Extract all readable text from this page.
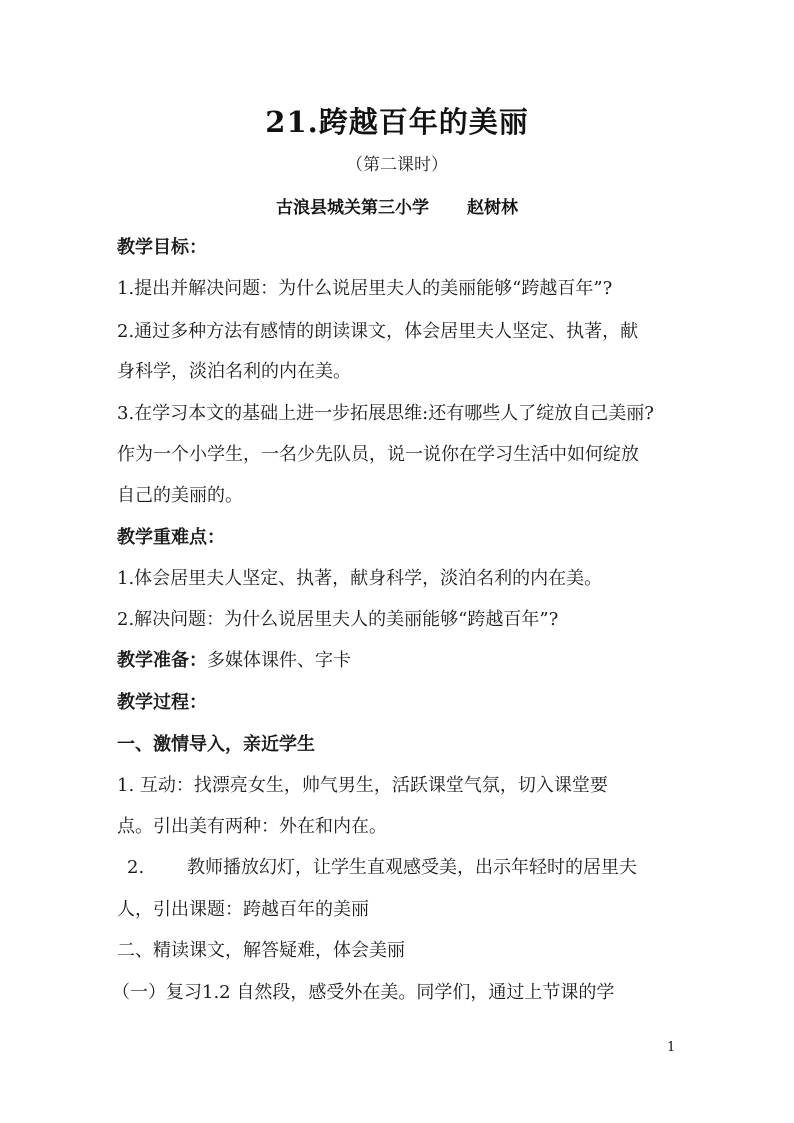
21.跨越百年的美丽
（第二课时）
古浪县城关第三小学 赵树林
教学目标：
1.提出并解决问题：为什么说居里夫人的美丽能够“跨越百年”?
2.通过多种方法有感情的朗读课文，体会居里夫人坚定、执著，献
身科学，淡泊名利的内在美。
3.在学习本文的基础上进一步拓展思维:还有哪些人了绽放自己美丽?
作为一个小学生，一名少先队员，说一说你在学习生活中如何绽放
自己的美丽的。
教学重难点：
1.体会居里夫人坚定、执著，献身科学，淡泊名利的内在美。
2.解决问题：为什么说居里夫人的美丽能够“跨越百年”?
教学准备：多媒体课件、字卡
教学过程：
一、激情导入，亲近学生
1. 互动：找漂亮女生，帅气男生，活跃课堂气氛，切入课堂要
点。引出美有两种：外在和内在。
2. 教师播放幻灯，让学生直观感受美，出示年轻时的居里夫
人，引出课题：跨越百年的美丽
二、精读课文，解答疑难，体会美丽
（一）复习1.2 自然段，感受外在美。同学们，通过上节课的学
1
